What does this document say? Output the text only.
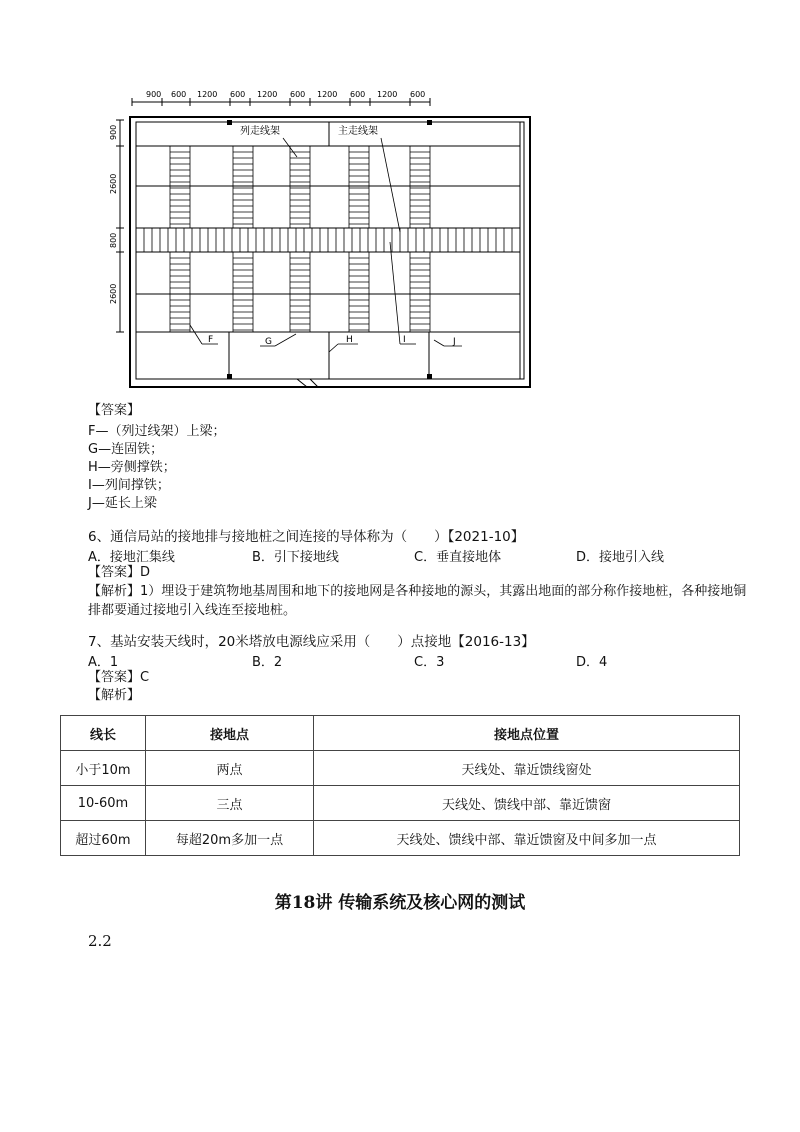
列走线架	主走线架
F	G	H	I	J
900 600 1200 600 1200 600 1200 600 1200 600
900
2600
800
2600
【答案】
F—（列过线架）上梁；
G—连固铁；
H—旁侧撑铁；
I—列间撑铁；
J—延长上梁
6、通信局站的接地排与接地桩之间连接的导体称为（　　）【2021-10】
A．接地汇集线	B．引下接地线	C．垂直接地体	D．接地引入线
【答案】D
【解析】1）埋设于建筑物地基周围和地下的接地网是各种接地的源头，其露出地面的部分称作接地桩，各种接地铜排都要通过接地引入线连至接地桩。
7、基站安装天线时，20米塔放电源线应采用（　　）点接地【2016-13】
A．1	B．2	C．3	D．4
【答案】C
【解析】
线长	接地点	接地点位置
小于10m	两点	天线处、靠近馈线窗处
10-60m	三点	天线处、馈线中部、靠近馈窗
超过60m	每超20m多加一点	天线处、馈线中部、靠近馈窗及中间多加一点
第18讲 传输系统及核心网的测试
2.2
